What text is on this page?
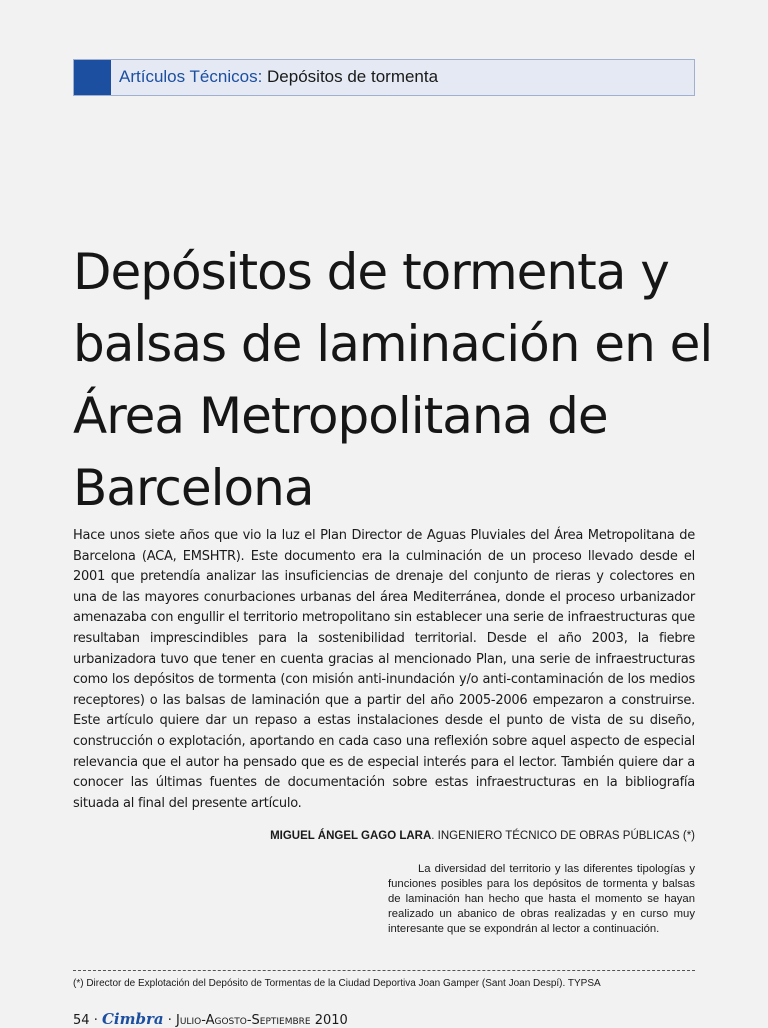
Artículos Técnicos: Depósitos de tormenta
Depósitos de tormenta y balsas de laminación en el Área Metropolitana de Barcelona

Hace unos siete años que vio la luz el Plan Director de Aguas Pluviales del Área Metropolitana de Barcelona (ACA, EMSHTR). Este documento era la culminación de un proceso llevado desde el 2001 que pretendía analizar las insuficiencias de drenaje del conjunto de rieras y colectores en una de las mayores conurbaciones urbanas del área Mediterránea, donde el proceso urbanizador amenazaba con engullir el territorio metropolitano sin establecer una serie de infraestructuras que resultaban imprescindibles para la sostenibilidad territorial. Desde el año 2003, la fiebre urbanizadora tuvo que tener en cuenta gracias al mencionado Plan, una serie de infraestructuras como los depósitos de tormenta (con misión anti-inundación y/o anti-contaminación de los medios receptores) o las balsas de laminación que a partir del año 2005-2006 empezaron a construirse. Este artículo quiere dar un repaso a estas instalaciones desde el punto de vista de su diseño, construcción o explotación, aportando en cada caso una reflexión sobre aquel aspecto de especial relevancia que el autor ha pensado que es de especial interés para el lector. También quiere dar a conocer las últimas fuentes de documentación sobre estas infraestructuras en la bibliografía situada al final del presente artículo.

MIGUEL ÁNGEL GAGO LARA. INGENIERO TÉCNICO DE OBRAS PÚBLICAS (*)

La diversidad del territorio y las diferentes tipologías y funciones posibles para los depósitos de tormenta y balsas de laminación han hecho que hasta el momento se hayan realizado un abanico de obras realizadas y en curso muy interesante que se expondrán al lector a continuación.

(*) Director de Explotación del Depósito de Tormentas de la Ciudad Deportiva Joan Gamper (Sant Joan Despí). TYPSA
54 · Cimbra · Julio-Agosto-Septiembre 2010
